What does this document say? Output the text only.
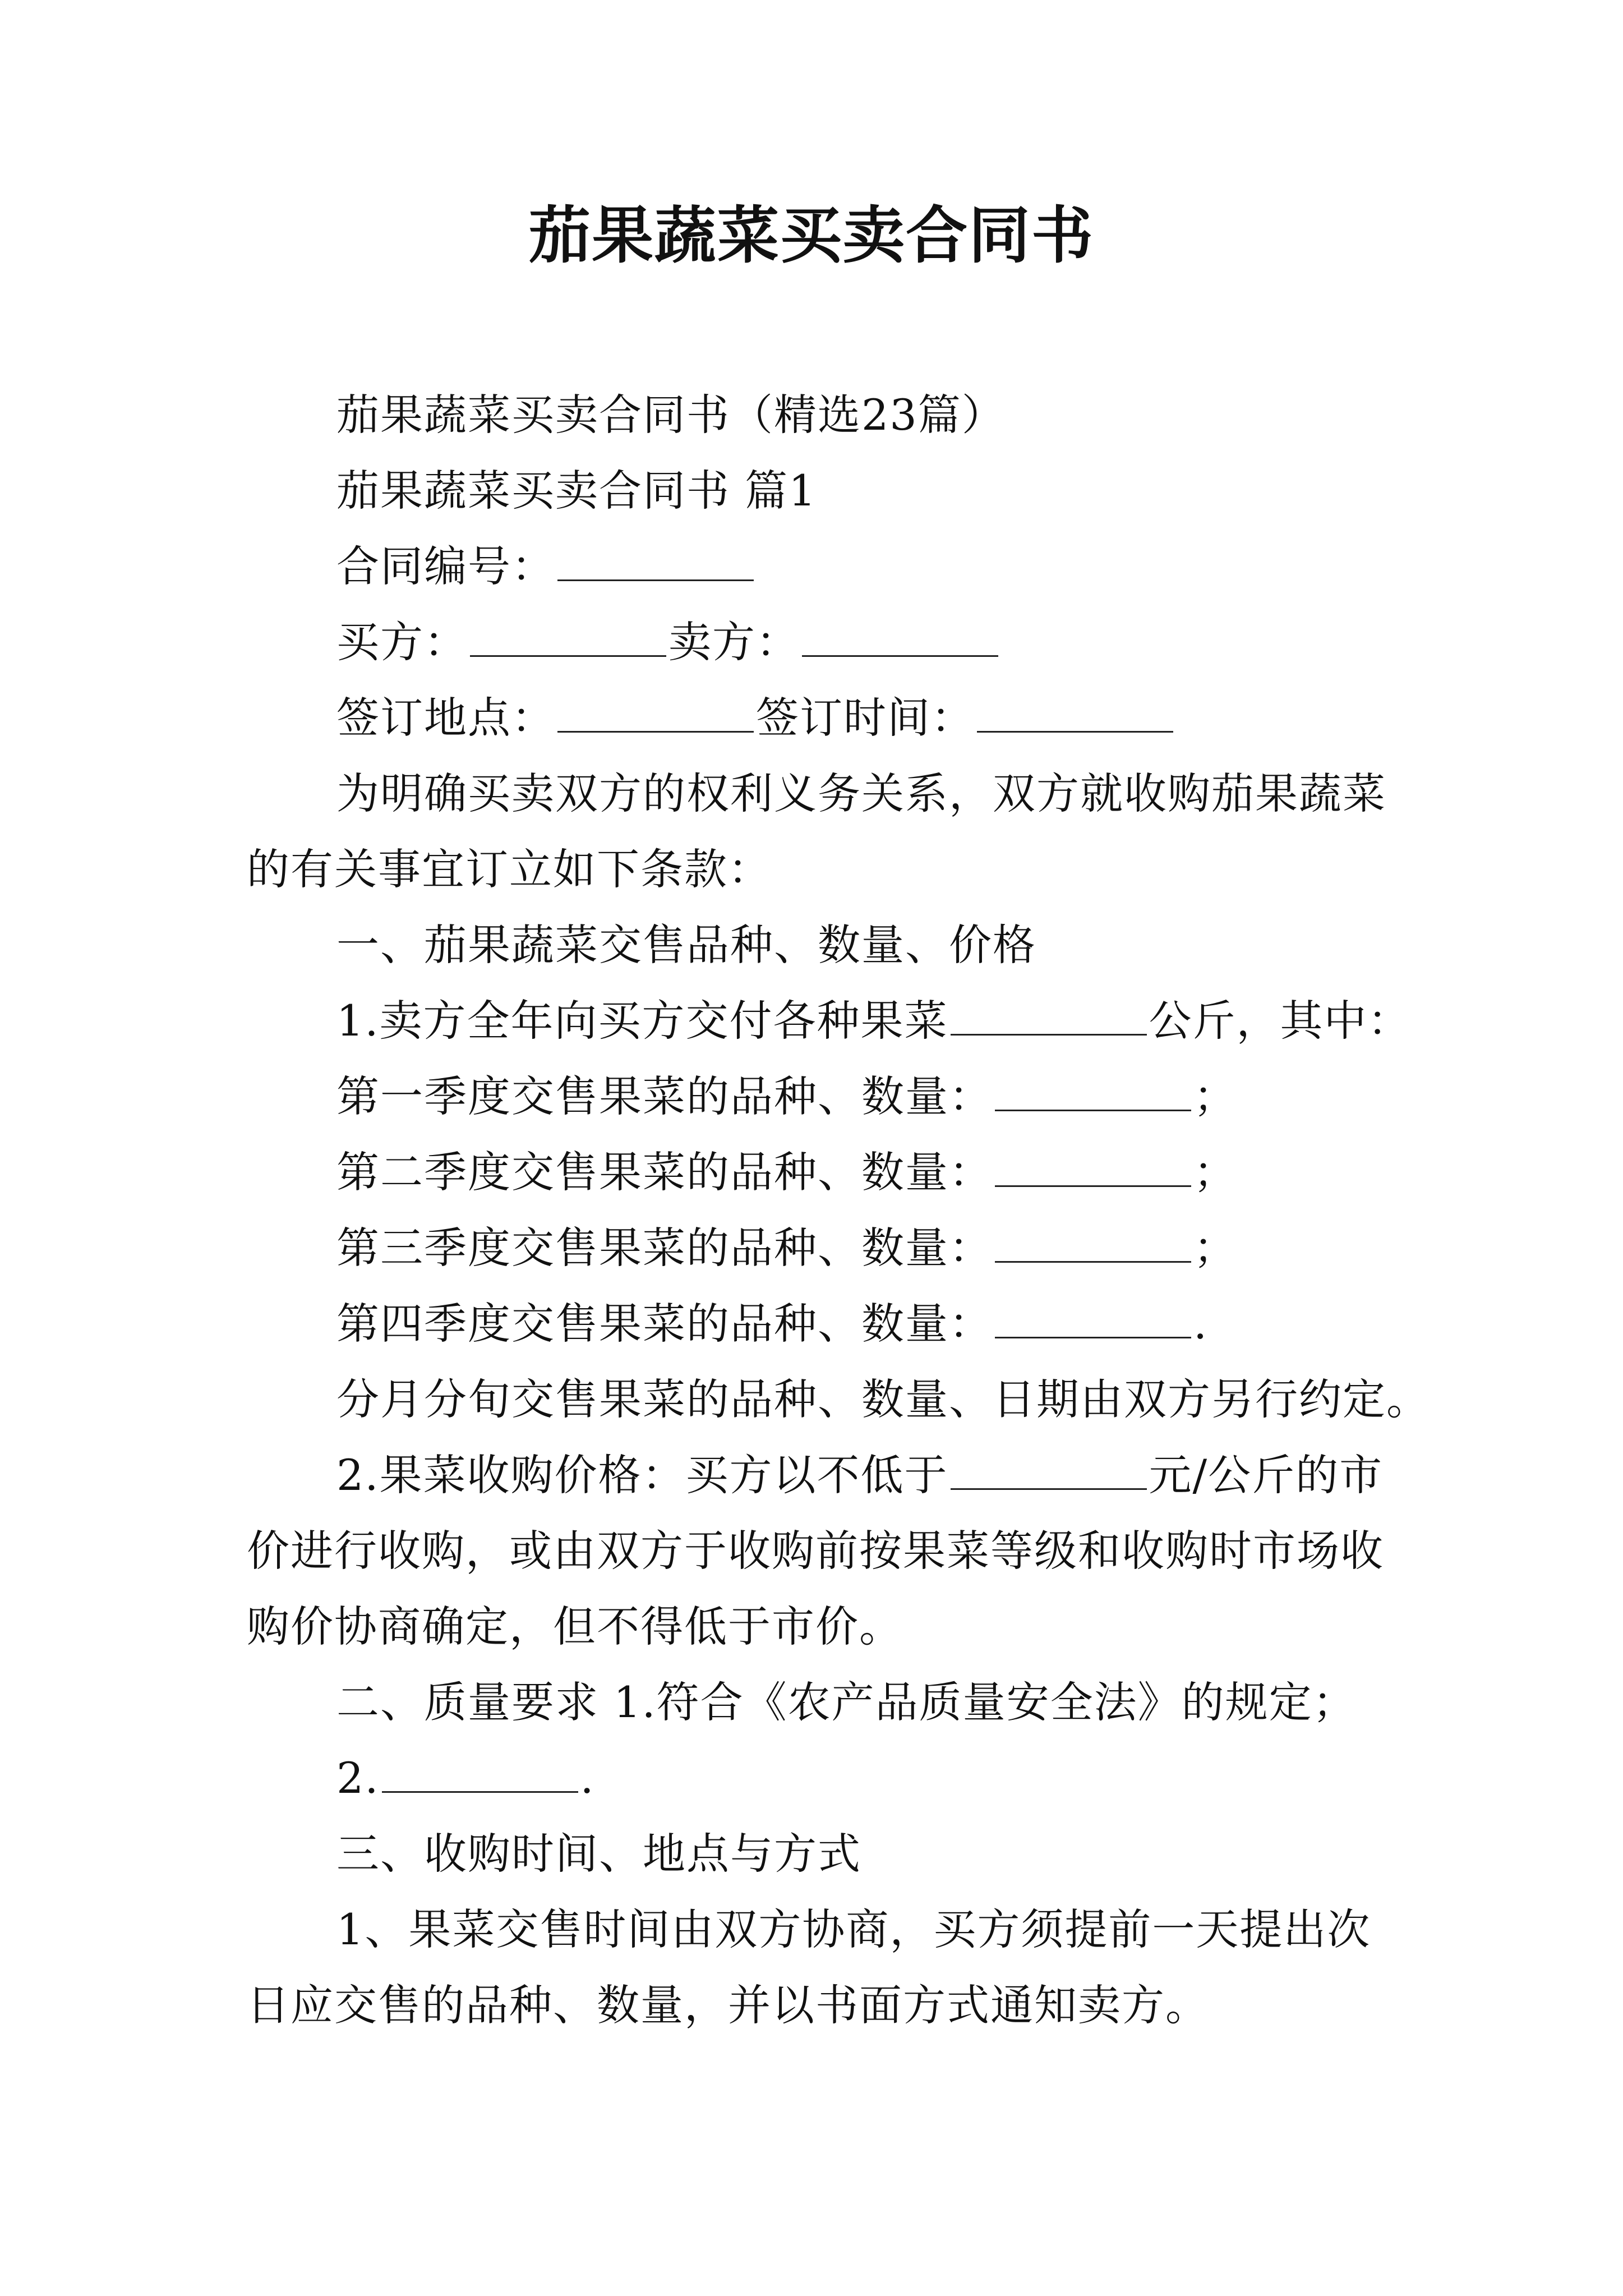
茄果蔬菜买卖合同书
茄果蔬菜买卖合同书（精选23篇）
茄果蔬菜买卖合同书 篇1
合同编号：
买方：	卖方：
签订地点：	签订时间：
为明确买卖双方的权利义务关系，双方就收购茄果蔬菜
的有关事宜订立如下条款：
一、茄果蔬菜交售品种、数量、价格
1.卖方全年向买方交付各种果菜	公斤，其中：
第一季度交售果菜的品种、数量：	；
第二季度交售果菜的品种、数量：	；
第三季度交售果菜的品种、数量：	；
第四季度交售果菜的品种、数量：	.
分月分旬交售果菜的品种、数量、日期由双方另行约定。
2.果菜收购价格：买方以不低于	元/公斤的市
价进行收购，或由双方于收购前按果菜等级和收购时市场收
购价协商确定，但不得低于市价。
二、质量要求 1.符合《农产品质量安全法》的规定；
2.	.
三、收购时间、地点与方式
1、果菜交售时间由双方协商，买方须提前一天提出次
日应交售的品种、数量，并以书面方式通知卖方。
